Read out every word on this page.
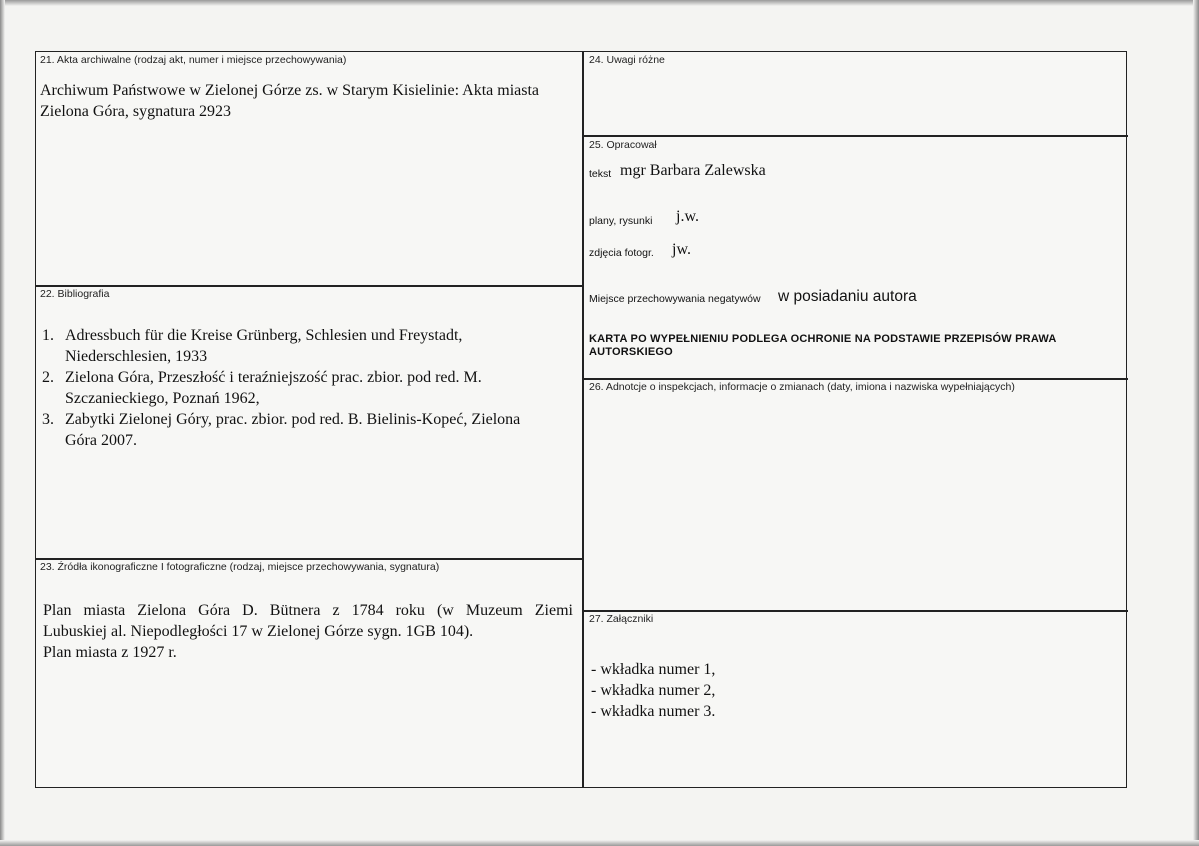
21. Akta archiwalne (rodzaj akt, numer i miejsce przechowywania)
Archiwum Państwowe w Zielonej Górze zs. w Starym Kisielinie: Akta miasta
Zielona Góra, sygnatura 2923
22. Bibliografia
1. Adressbuch für die Kreise Grünberg, Schlesien und Freystadt,
Niederschlesien, 1933
2. Zielona Góra, Przeszłość i teraźniejszość prac. zbior. pod red. M.
Szczanieckiego, Poznań 1962,
3. Zabytki Zielonej Góry, prac. zbior. pod red. B. Bielinis-Kopeć, Zielona
Góra 2007.
23. Źródła ikonograficzne I fotograficzne (rodzaj, miejsce przechowywania, sygnatura)
Plan miasta Zielona Góra D. Bütnera z 1784 roku (w Muzeum Ziemi
Lubuskiej al. Niepodległości 17 w Zielonej Górze sygn. 1GB 104).
Plan miasta z 1927 r.
24. Uwagi różne
25. Opracował
tekst mgr Barbara Zalewska
plany, rysunki j.w.
zdjęcia fotogr. jw.
Miejsce przechowywania negatywów w posiadaniu autora
KARTA PO WYPEŁNIENIU PODLEGA OCHRONIE NA PODSTAWIE PRZEPISÓW PRAWA
AUTORSKIEGO
26. Adnotcje o inspekcjach, informacje o zmianach (daty, imiona i nazwiska wypełniających)
27. Załączniki
- wkładka numer 1,
- wkładka numer 2,
- wkładka numer 3.
